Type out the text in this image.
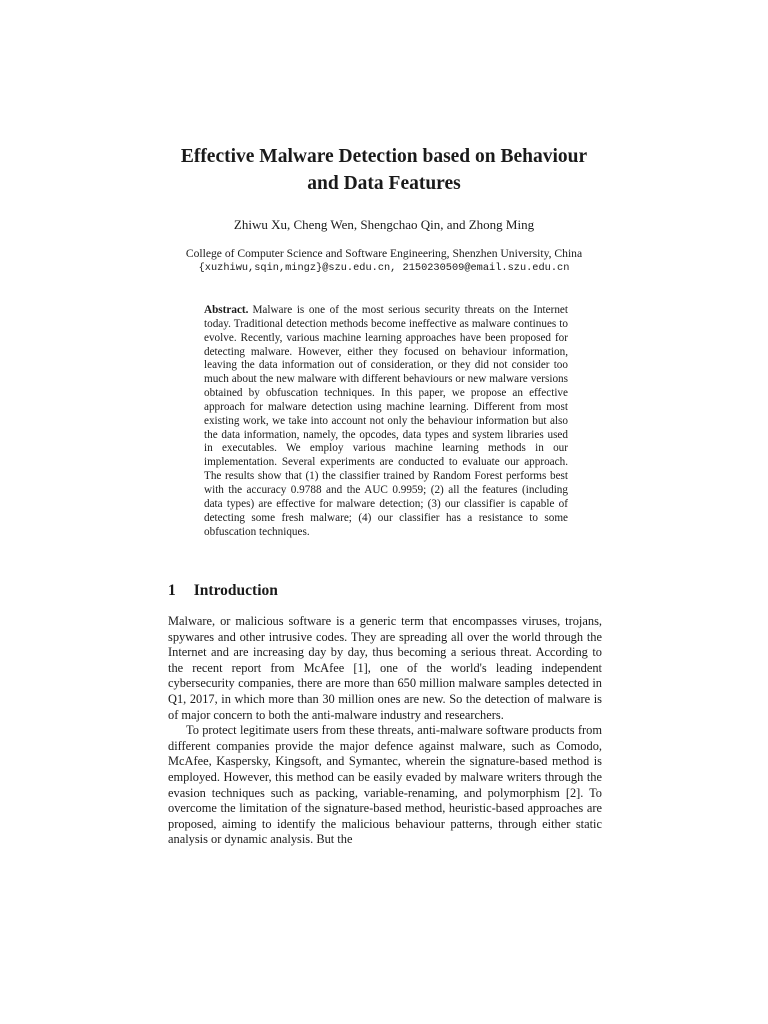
Effective Malware Detection based on Behaviour
and Data Features
Zhiwu Xu, Cheng Wen, Shengchao Qin, and Zhong Ming
College of Computer Science and Software Engineering, Shenzhen University, China
{xuzhiwu,sqin,mingz}@szu.edu.cn, 2150230509@email.szu.edu.cn
Abstract. Malware is one of the most serious security threats on the Internet today. Traditional detection methods become ineffective as malware continues to evolve. Recently, various machine learning approaches have been proposed for detecting malware. However, either they focused on behaviour information, leaving the data information out of consideration, or they did not consider too much about the new malware with different behaviours or new malware versions obtained by obfuscation techniques. In this paper, we propose an effective approach for malware detection using machine learning. Different from most existing work, we take into account not only the behaviour information but also the data information, namely, the opcodes, data types and system libraries used in executables. We employ various machine learning methods in our implementation. Several experiments are conducted to evaluate our approach. The results show that (1) the classifier trained by Random Forest performs best with the accuracy 0.9788 and the AUC 0.9959; (2) all the features (including data types) are effective for malware detection; (3) our classifier is capable of detecting some fresh malware; (4) our classifier has a resistance to some obfuscation techniques.
1 Introduction

Malware, or malicious software is a generic term that encompasses viruses, trojans, spywares and other intrusive codes. They are spreading all over the world through the Internet and are increasing day by day, thus becoming a serious threat. According to the recent report from McAfee [1], one of the world's leading independent cybersecurity companies, there are more than 650 million malware samples detected in Q1, 2017, in which more than 30 million ones are new. So the detection of malware is of major concern to both the anti-malware industry and researchers.

To protect legitimate users from these threats, anti-malware software products from different companies provide the major defence against malware, such as Comodo, McAfee, Kaspersky, Kingsoft, and Symantec, wherein the signature-based method is employed. However, this method can be easily evaded by malware writers through the evasion techniques such as packing, variable-renaming, and polymorphism [2]. To overcome the limitation of the signature-based method, heuristic-based approaches are proposed, aiming to identify the malicious behaviour patterns, through either static analysis or dynamic analysis. But the
